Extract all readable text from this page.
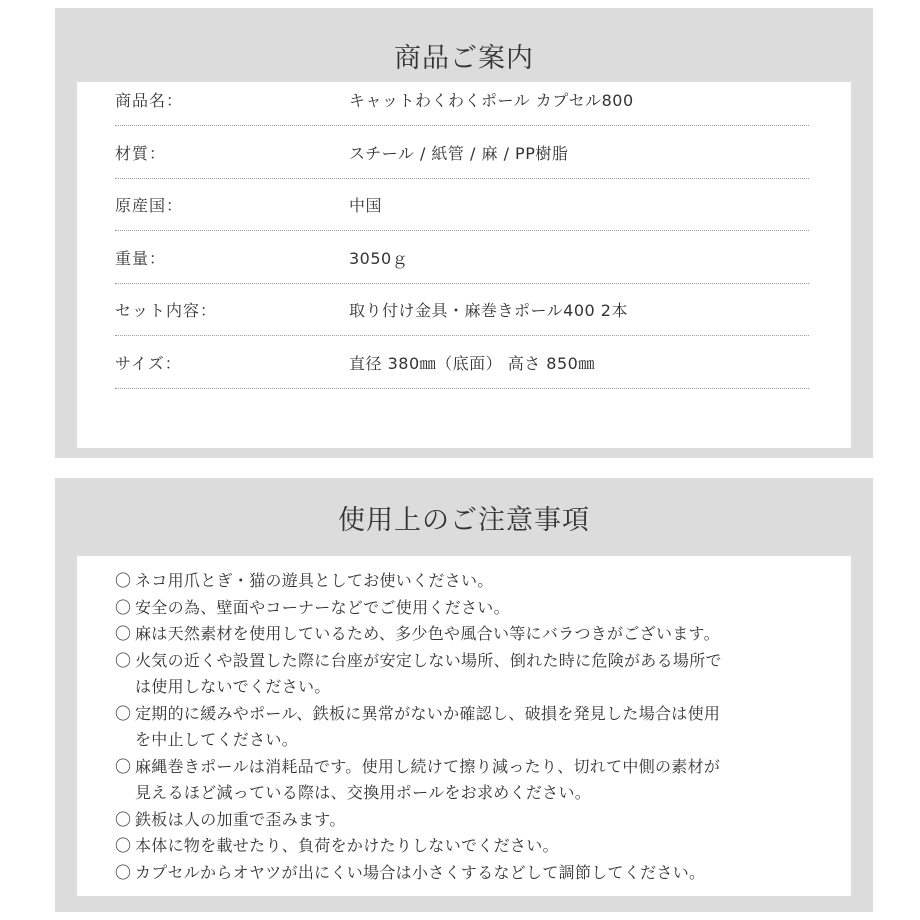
商品ご案内
商品名：	キャットわくわくポール カプセル800
材質：	スチール / 紙管 / 麻 / PP樹脂
原産国：	中国
重量：	3050ｇ
セット内容：	取り付け金具・麻巻きポール400 2本
サイズ：	直径 380㎜（底面） 高さ 850㎜
使用上のご注意事項
〇 ネコ用爪とぎ・猫の遊具としてお使いください。
〇 安全の為、壁面やコーナーなどでご使用ください。
〇 麻は天然素材を使用しているため、多少色や風合い等にバラつきがございます。
〇 火気の近くや設置した際に台座が安定しない場所、倒れた時に危険がある場所で
は使用しないでください。
〇 定期的に緩みやポール、鉄板に異常がないか確認し、破損を発見した場合は使用
を中止してください。
〇 麻縄巻きポールは消耗品です。使用し続けて擦り減ったり、切れて中側の素材が
見えるほど減っている際は、交換用ポールをお求めください。
〇 鉄板は人の加重で歪みます。
〇 本体に物を載せたり、負荷をかけたりしないでください。
〇 カプセルからオヤツが出にくい場合は小さくするなどして調節してください。
